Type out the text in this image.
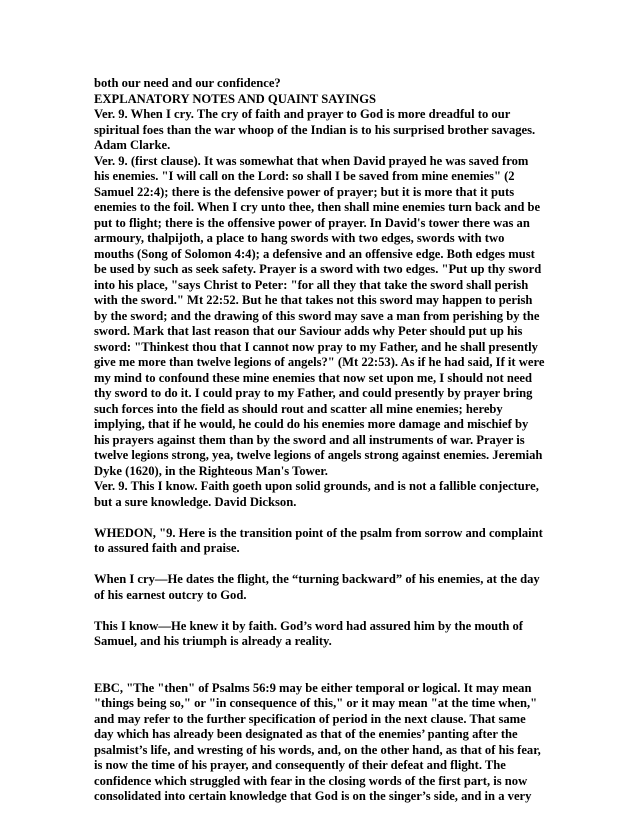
both our need and our confidence?

EXPLANATORY NOTES AND QUAINT SAYINGS

Ver. 9. When I cry. The cry of faith and prayer to God is more dreadful to our spiritual foes than the war whoop of the Indian is to his surprised brother savages. Adam Clarke.

Ver. 9. (first clause). It was somewhat that when David prayed he was saved from his enemies. "I will call on the Lord: so shall I be saved from mine enemies" (2 Samuel 22:4); there is the defensive power of prayer; but it is more that it puts enemies to the foil. When I cry unto thee, then shall mine enemies turn back and be put to flight; there is the offensive power of prayer. In David's tower there was an armoury, thalpijoth, a place to hang swords with two edges, swords with two mouths (Song of Solomon 4:4); a defensive and an offensive edge. Both edges must be used by such as seek safety. Prayer is a sword with two edges. "Put up thy sword into his place, "says Christ to Peter: "for all they that take the sword shall perish with the sword." Mt 22:52. But he that takes not this sword may happen to perish by the sword; and the drawing of this sword may save a man from perishing by the sword. Mark that last reason that our Saviour adds why Peter should put up his sword: "Thinkest thou that I cannot now pray to my Father, and he shall presently give me more than twelve legions of angels?" (Mt 22:53). As if he had said, If it were my mind to confound these mine enemies that now set upon me, I should not need thy sword to do it. I could pray to my Father, and could presently by prayer bring such forces into the field as should rout and scatter all mine enemies; hereby implying, that if he would, he could do his enemies more damage and mischief by his prayers against them than by the sword and all instruments of war. Prayer is twelve legions strong, yea, twelve legions of angels strong against enemies. Jeremiah Dyke (1620), in the Righteous Man's Tower.

Ver. 9. This I know. Faith goeth upon solid grounds, and is not a fallible conjecture, but a sure knowledge. David Dickson.

WHEDON, "9. Here is the transition point of the psalm from sorrow and complaint to assured faith and praise.

When I cry—He dates the flight, the “turning backward” of his enemies, at the day of his earnest outcry to God.

This I know—He knew it by faith. God’s word had assured him by the mouth of Samuel, and his triumph is already a reality.

EBC, "The "then" of Psalms 56:9 may be either temporal or logical. It may mean "things being so," or "in consequence of this," or it may mean "at the time when," and may refer to the further specification of period in the next clause. That same day which has already been designated as that of the enemies’ panting after the psalmist’s life, and wresting of his words, and, on the other hand, as that of his fear, is now the time of his prayer, and consequently of their defeat and flight. The confidence which struggled with fear in the closing words of the first part, is now consolidated into certain knowledge that God is on the singer’s side, and in a very
